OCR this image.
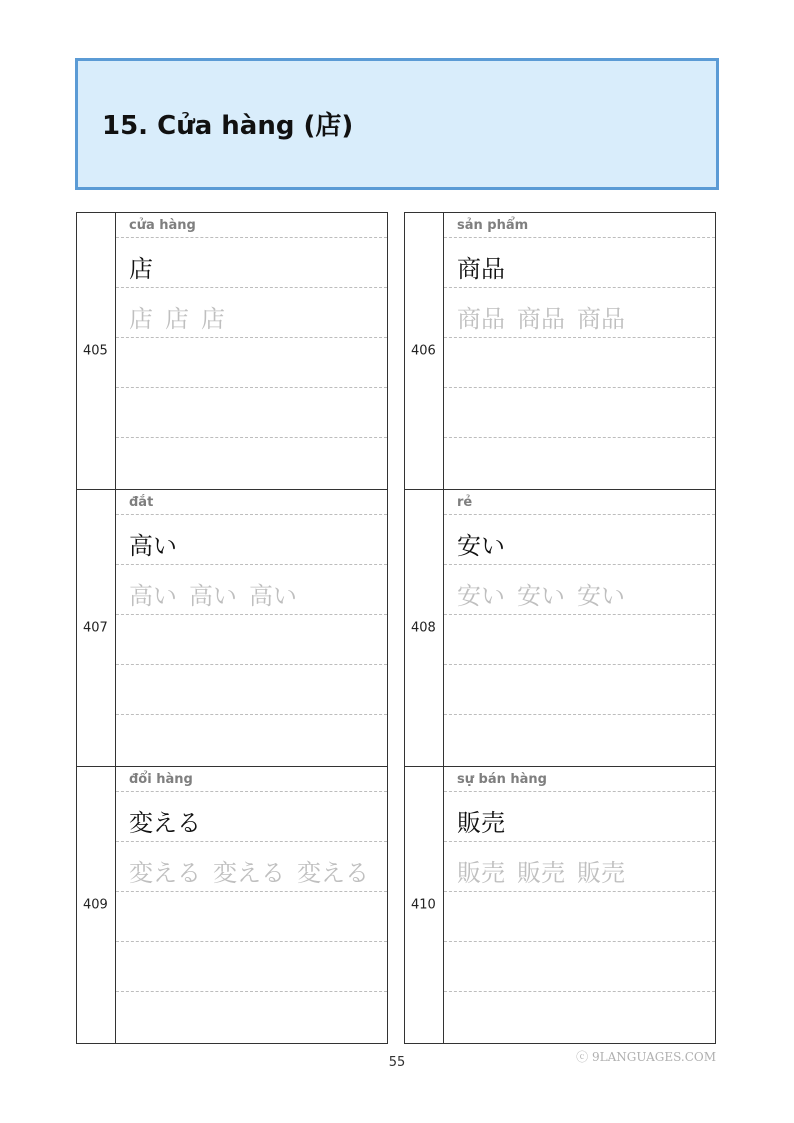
15. Cửa hàng (店)
405
cửa hàng
店
店 店 店
406
sản phẩm
商品
商品 商品 商品
407
đắt
高い
高い 高い 高い
408
rẻ
安い
安い 安い 安い
409
đổi hàng
変える
変える 変える 変える
410
sự bán hàng
販売
販売 販売 販売
ⓒ 9LANGUAGES.COM
55
